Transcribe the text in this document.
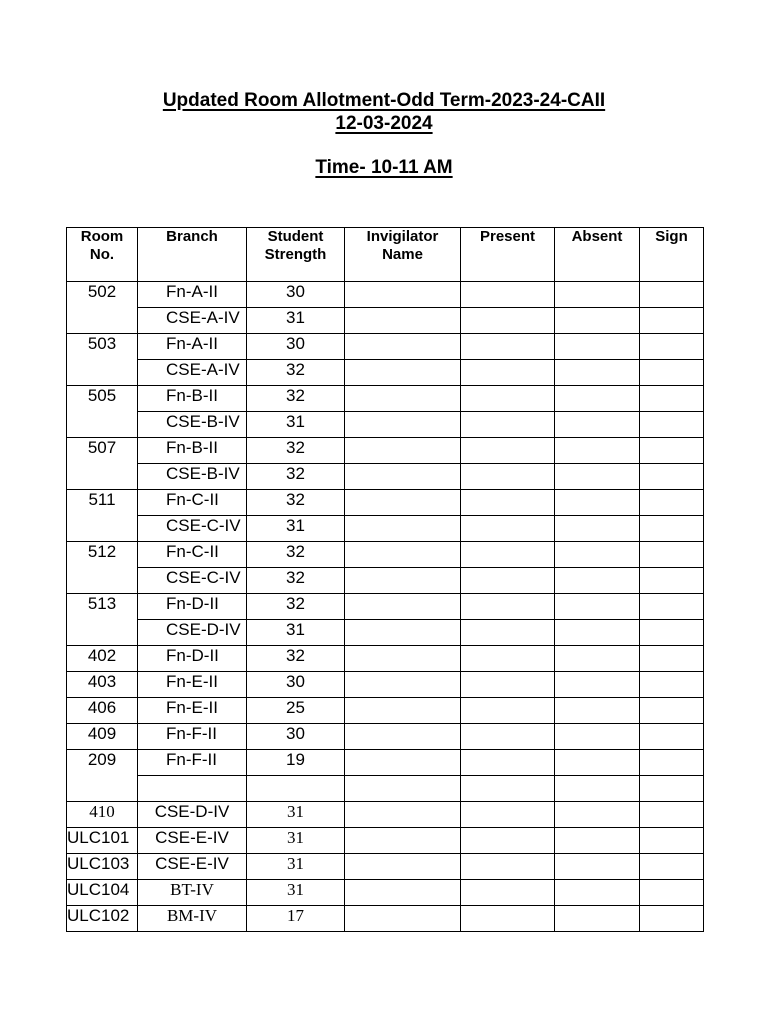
Updated Room Allotment-Odd Term-2023-24-CAII
12-03-2024
Time- 10-11 AM
Room No.	Branch	Student Strength	Invigilator Name	Present	Absent	Sign
502	Fn-A-II	30				

	CSE-A-IV	31				
503	Fn-A-II	30				

	CSE-A-IV	32				
505	Fn-B-II	32				

	CSE-B-IV	31				
507	Fn-B-II	32				

	CSE-B-IV	32				
511	Fn-C-II	32				

	CSE-C-IV	31				
512	Fn-C-II	32				

	CSE-C-IV	32				
513	Fn-D-II	32				

	CSE-D-IV	31				
402	Fn-D-II	32				
403	Fn-E-II	30				
406	Fn-E-II	25				
409	Fn-F-II	30				
209	Fn-F-II	19				

410	CSE-D-IV	31				
ULC101	CSE-E-IV	31				
ULC103	CSE-E-IV	31				
ULC104	BT-IV	31				
ULC102	BM-IV	17				
